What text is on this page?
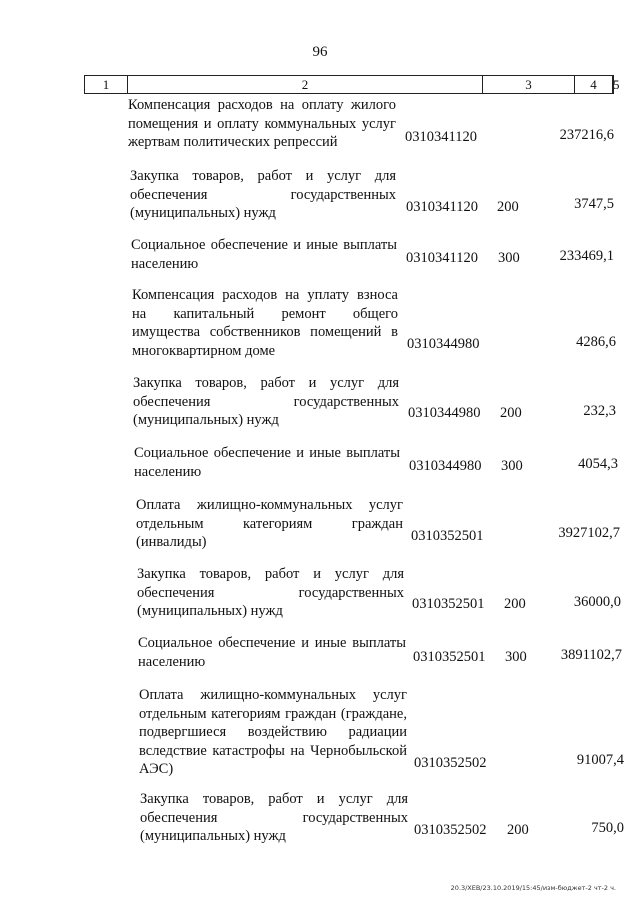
96
1	2	3	4	5
Компенсация расходов на оплату жилого помещения и оплату коммунальных услуг жертвам политических репрессий	0310341120	237216,6
Закупка товаров, работ и услуг для обеспечения государственных (муниципальных) нужд	0310341120 200	3747,5
Социальное обеспечение и иные выплаты населению	0310341120 300	233469,1
Компенсация расходов на уплату взноса на капитальный ремонт общего имущества собственников помещений в многоквартирном доме	0310344980	4286,6
Закупка товаров, работ и услуг для обеспечения государственных (муниципальных) нужд	0310344980 200	232,3
Социальное обеспечение и иные выплаты населению	0310344980 300	4054,3
Оплата жилищно-коммунальных услуг отдельным категориям граждан (инвалиды)	0310352501	3927102,7
Закупка товаров, работ и услуг для обеспечения государственных (муниципальных) нужд	0310352501 200	36000,0
Социальное обеспечение и иные выплаты населению	0310352501 300 3891102,7
Оплата жилищно-коммунальных услуг отдельным категориям граждан (граждане, подвергшиеся воздействию радиации вследствие катастрофы на Чернобыльской АЭС)	0310352502	91007,4
Закупка товаров, работ и услуг для обеспечения государственных (муниципальных) нужд	0310352502 200	750,0
20.3/XEB/23.10.2019/15:45/изм-бюджет-2 чт-2 ч.
